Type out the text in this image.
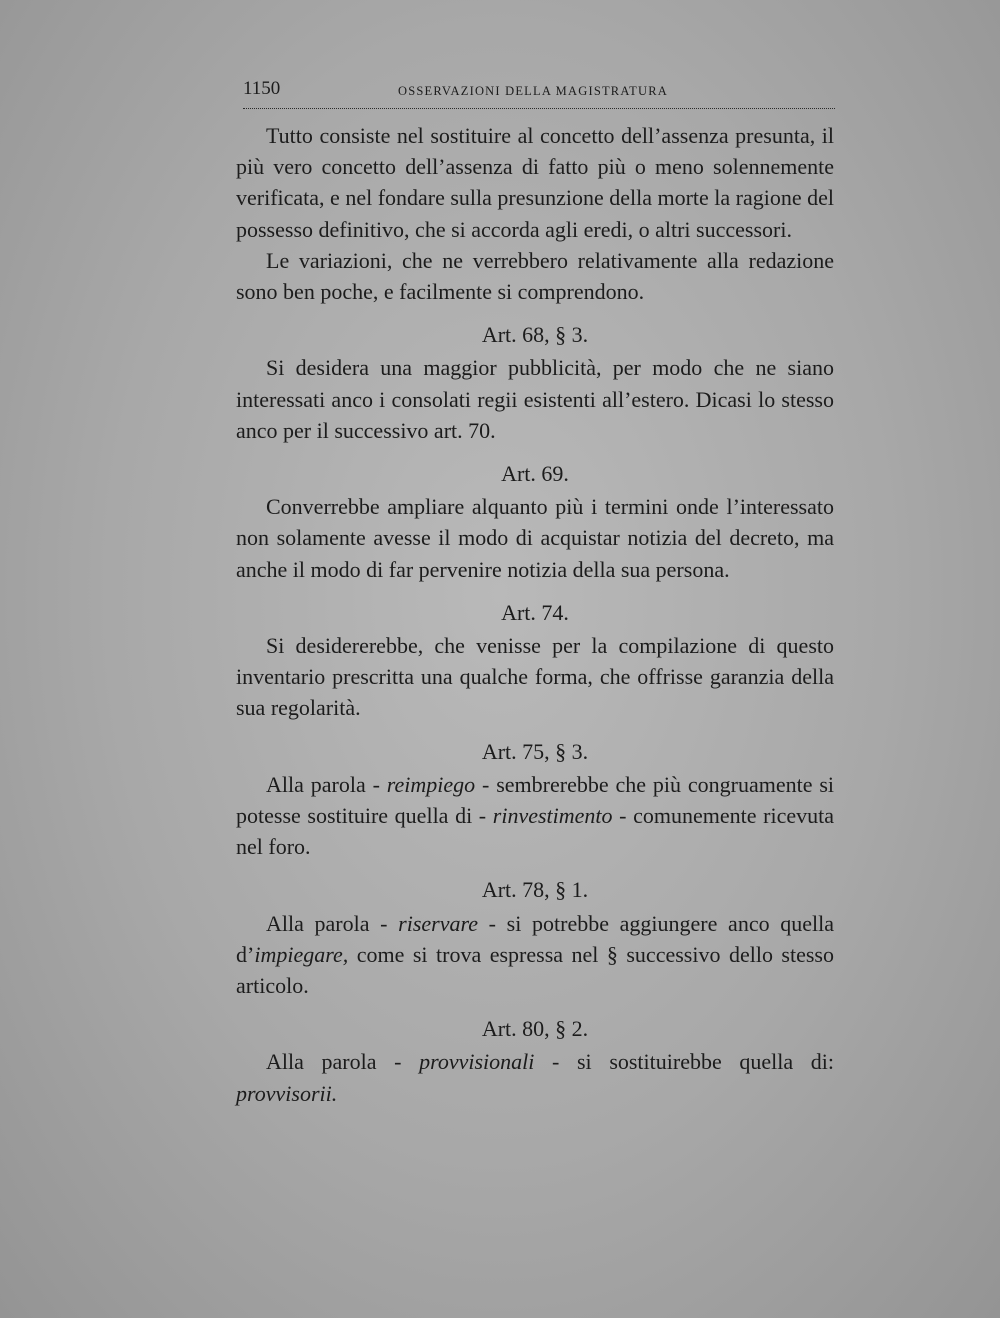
1150	OSSERVAZIONI DELLA MAGISTRATURA

Tutto consiste nel sostituire al concetto dell’assenza presunta, il più vero concetto dell’assenza di fatto più o meno solennemente verificata, e nel fondare sulla presunzione della morte la ragione del possesso definitivo, che si accorda agli eredi, o altri successori.

Le variazioni, che ne verrebbero relativamente alla redazione sono ben poche, e facilmente si comprendono.

Art. 68, § 3.

Si desidera una maggior pubblicità, per modo che ne siano interessati anco i consolati regii esistenti all’estero. Dicasi lo stesso anco per il successivo art. 70.

Art. 69.

Converrebbe ampliare alquanto più i termini onde l’interessato non solamente avesse il modo di acquistar notizia del decreto, ma anche il modo di far pervenire notizia della sua persona.

Art. 74.

Si desidererebbe, che venisse per la compilazione di questo inventario prescritta una qualche forma, che offrisse garanzia della sua regolarità.

Art. 75, § 3.

Alla parola - reimpiego - sembrerebbe che più congruamente si potesse sostituire quella di - rinvestimento - comunemente ricevuta nel foro.

Art. 78, § 1.

Alla parola - riservare - si potrebbe aggiungere anco quella d’impiegare, come si trova espressa nel § successivo dello stesso articolo.

Art. 80, § 2.

Alla parola - provvisionali - si sostituirebbe quella di: provvisorii.
